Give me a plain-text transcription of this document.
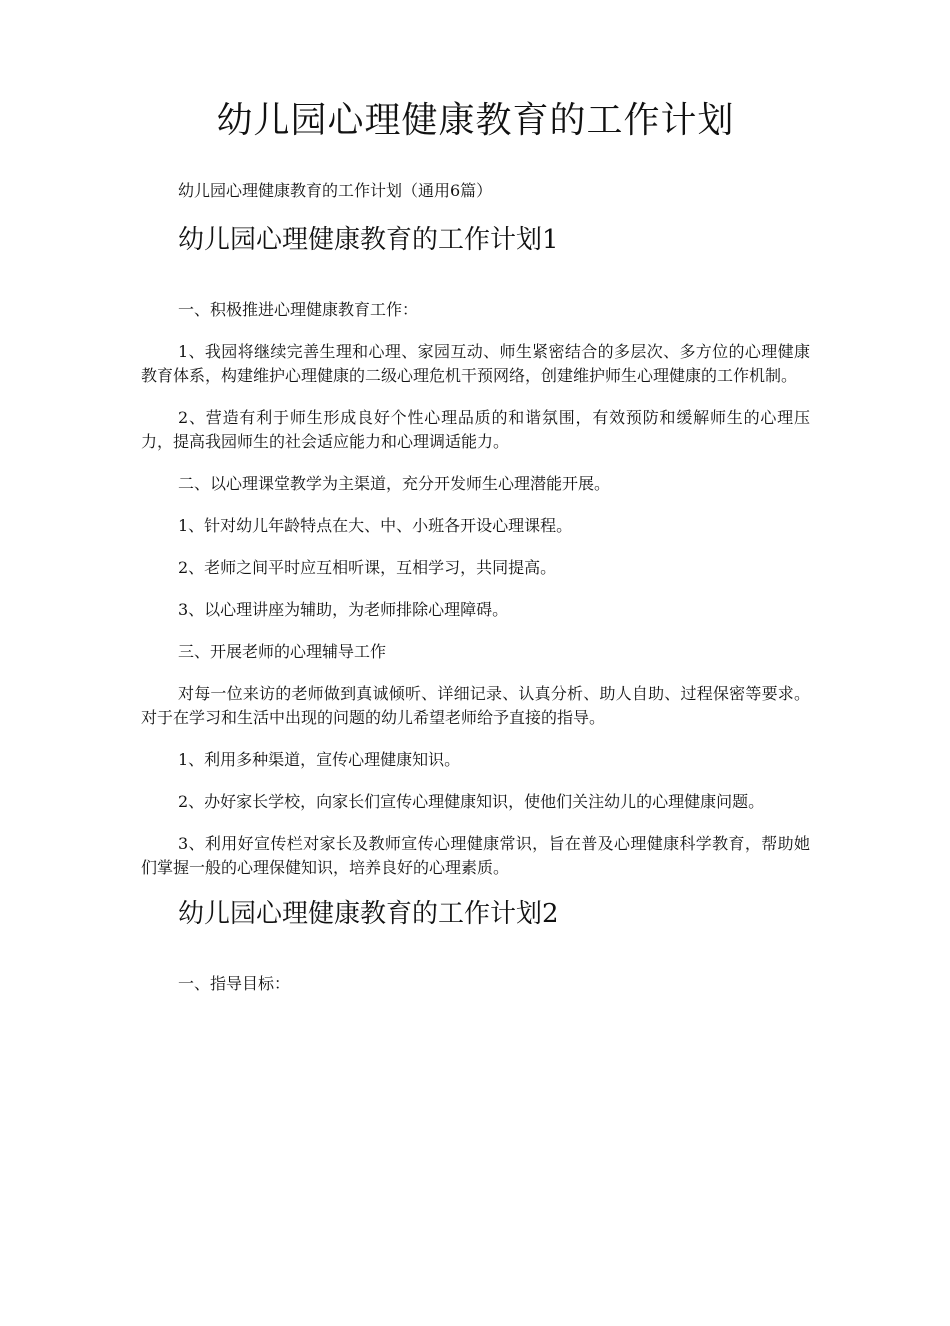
幼儿园心理健康教育的工作计划

幼儿园心理健康教育的工作计划（通用6篇）

幼儿园心理健康教育的工作计划1

一、积极推进心理健康教育工作：

1、我园将继续完善生理和心理、家园互动、师生紧密结合的多层次、多方位的心理健康教育体系，构建维护心理健康的二级心理危机干预网络，创建维护师生心理健康的工作机制。

2、营造有利于师生形成良好个性心理品质的和谐氛围，有效预防和缓解师生的心理压力，提高我园师生的社会适应能力和心理调适能力。

二、以心理课堂教学为主渠道，充分开发师生心理潜能开展。

1、针对幼儿年龄特点在大、中、小班各开设心理课程。

2、老师之间平时应互相听课，互相学习，共同提高。

3、以心理讲座为辅助，为老师排除心理障碍。

三、开展老师的心理辅导工作

对每一位来访的老师做到真诚倾听、详细记录、认真分析、助人自助、过程保密等要求。对于在学习和生活中出现的问题的幼儿希望老师给予直接的指导。

1、利用多种渠道，宣传心理健康知识。

2、办好家长学校，向家长们宣传心理健康知识，使他们关注幼儿的心理健康问题。

3、利用好宣传栏对家长及教师宣传心理健康常识，旨在普及心理健康科学教育，帮助她们掌握一般的心理保健知识，培养良好的心理素质。

幼儿园心理健康教育的工作计划2

一、指导目标：
